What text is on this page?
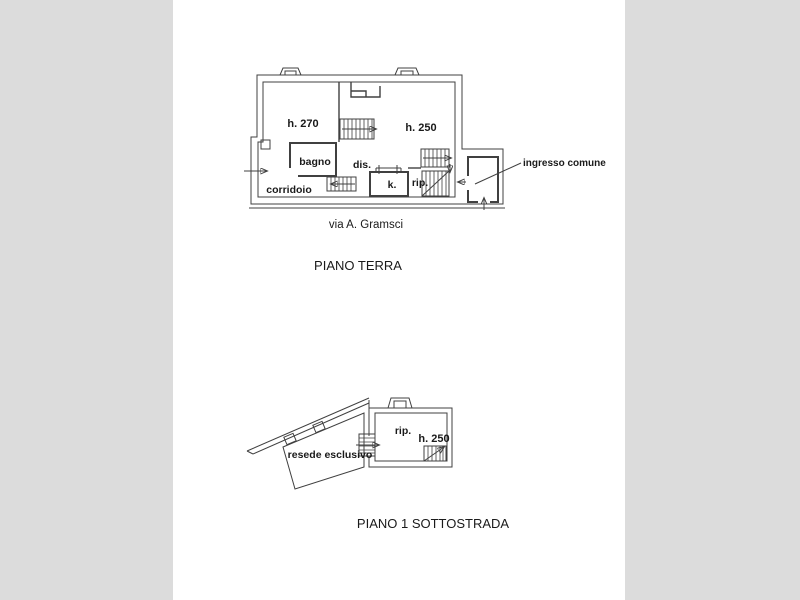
h. 270	h. 250
bagno dis.
corridoio	k. rip.
ingresso comune
via A. Gramsci
PIANO TERRA
rip.
h. 250
resede esclusivo
PIANO 1 SOTTOSTRADA
